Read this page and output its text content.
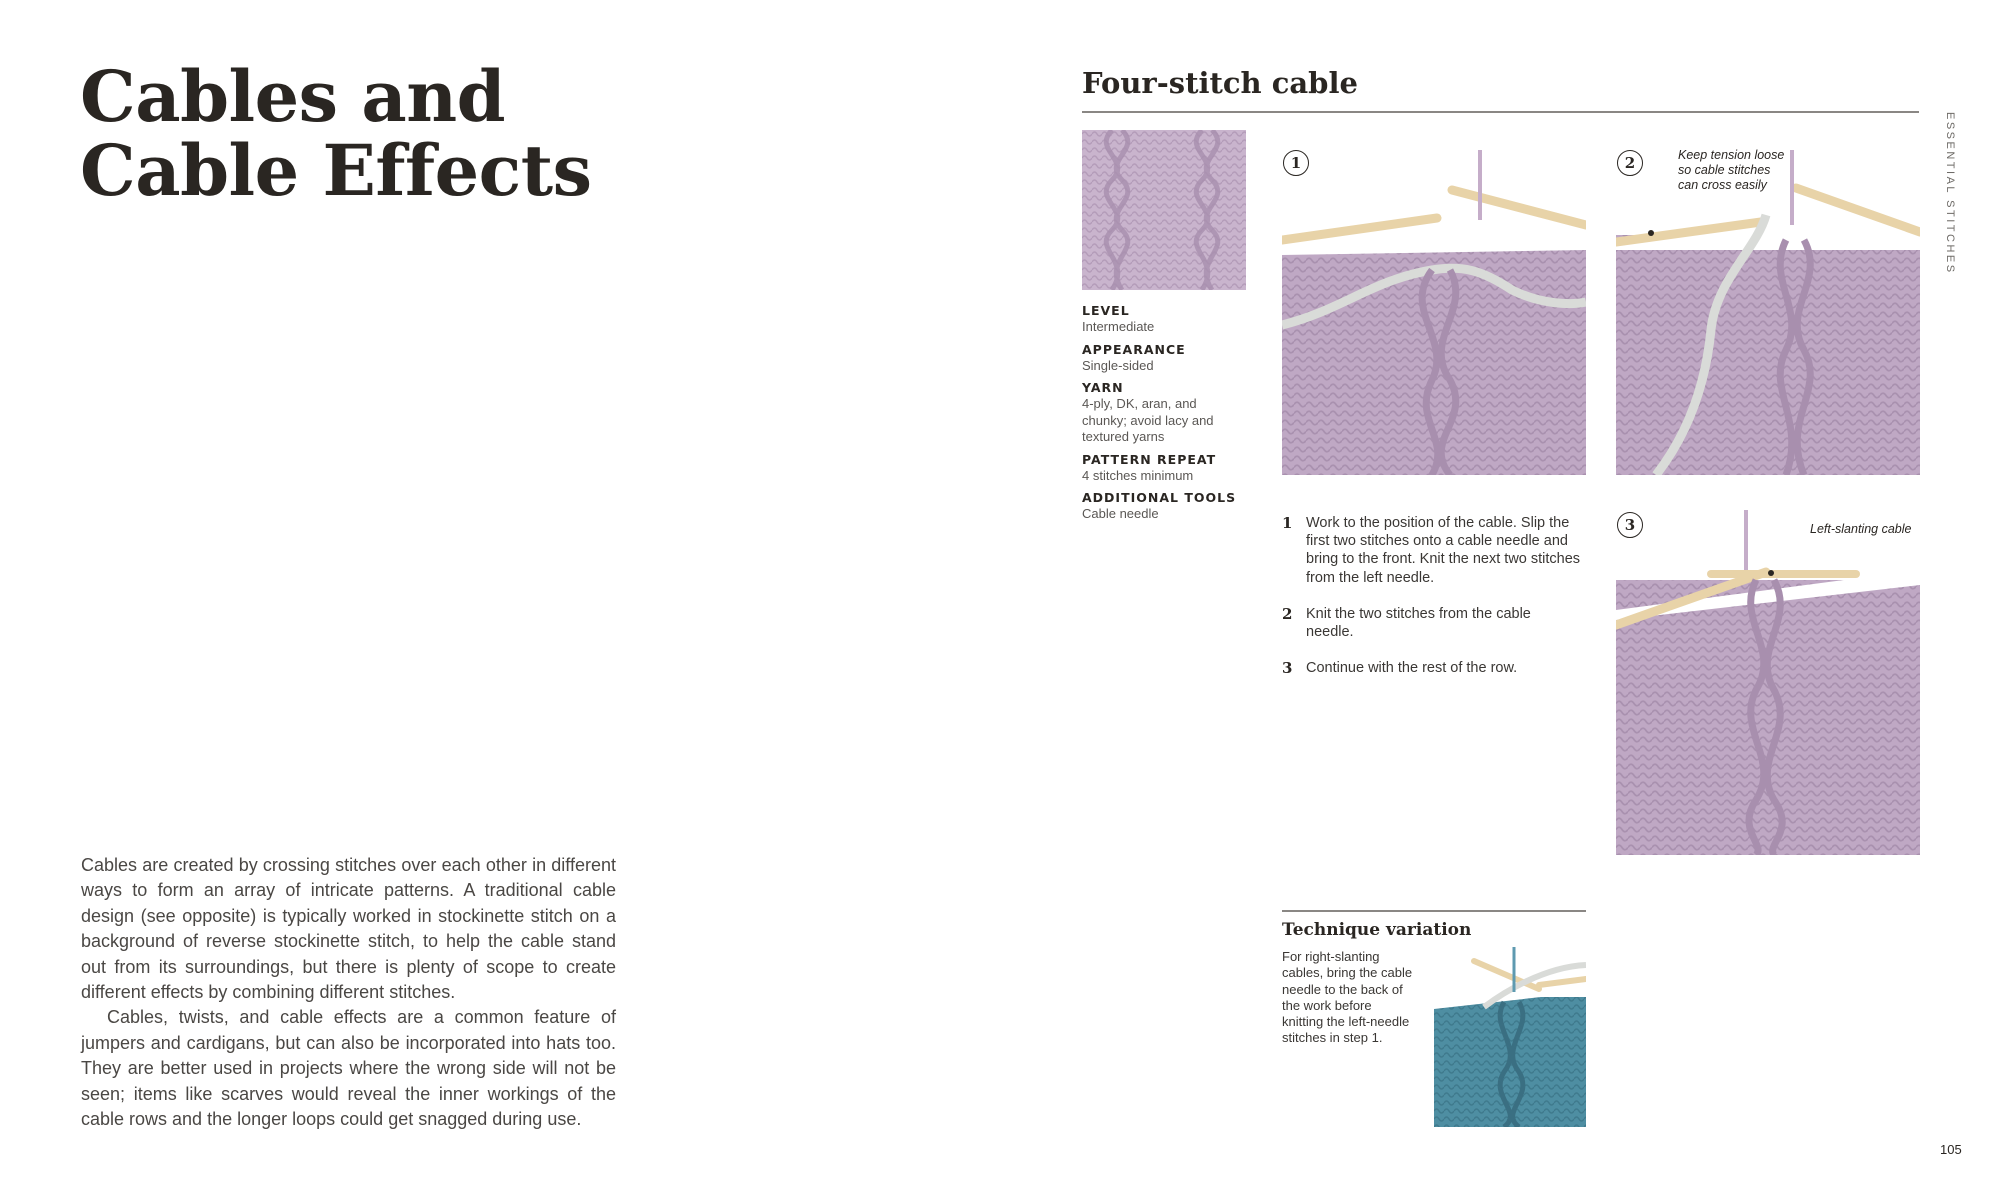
Cables and
Cable Effects

Cables are created by crossing stitches over each other in different ways to form an array of intricate patterns. A traditional cable design (see opposite) is typically worked in stockinette stitch on a background of reverse stockinette stitch, to help the cable stand out from its surroundings, but there is plenty of scope to create different effects by combining different stitches.

Cables, twists, and cable effects are a common feature of jumpers and cardigans, but can also be incorporated into hats too. They are better used in projects where the wrong side will not be seen; items like scarves would reveal the inner workings of the cable rows and the longer loops could get snagged during use.

Four-stitch cable
ESSENTIAL STITCHES
105
LEVEL
Intermediate
APPEARANCE
Single-sided
YARN
4-ply, DK, aran, and chunky; avoid lacy and textured yarns
PATTERN REPEAT
4 stitches minimum
ADDITIONAL TOOLS
Cable needle
1	2	Keep tension loose so cable stitches can cross easily
1 Work to the position of the cable. Slip the first two stitches onto a cable needle and bring to the front. Knit the next two stitches from the left needle.
2 Knit the two stitches from the cable needle.
3 Continue with the rest of the row.
3	Left-slanting cable
Technique variation
For right-slanting cables, bring the cable needle to the back of the work before knitting the left-needle stitches in step 1.
